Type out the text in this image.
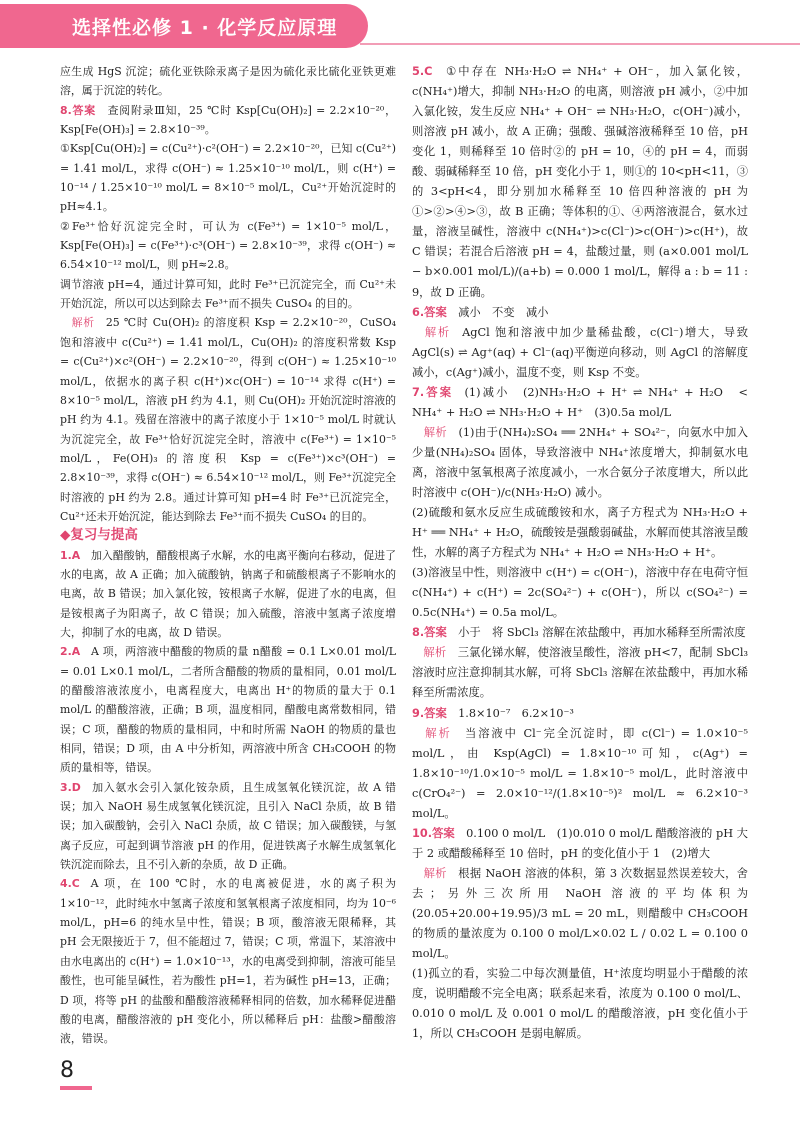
选择性必修 1 · 化学反应原理

应生成 HgS 沉淀；硫化亚铁除汞离子是因为硫化汞比硫化亚铁更难溶，属于沉淀的转化。

8.答案  查阅附录Ⅲ知，25 ℃时 Ksp[Cu(OH)₂] = 2.2×10⁻²⁰，Ksp[Fe(OH)₃] = 2.8×10⁻³⁹。

①Ksp[Cu(OH)₂] = c(Cu²⁺)·c²(OH⁻) = 2.2×10⁻²⁰，已知 c(Cu²⁺) = 1.41 mol/L，求得 c(OH⁻) ≈ 1.25×10⁻¹⁰ mol/L，则 c(H⁺) = 10⁻¹⁴ / 1.25×10⁻¹⁰ mol/L = 8×10⁻⁵ mol/L，Cu²⁺开始沉淀时的 pH≈4.1。

②Fe³⁺恰好沉淀完全时，可认为 c(Fe³⁺) = 1×10⁻⁵ mol/L，Ksp[Fe(OH)₃] = c(Fe³⁺)·c³(OH⁻) = 2.8×10⁻³⁹，求得 c(OH⁻) ≈ 6.54×10⁻¹² mol/L，则 pH≈2.8。

调节溶液 pH=4，通过计算可知，此时 Fe³⁺已沉淀完全，而 Cu²⁺未开始沉淀，所以可以达到除去 Fe³⁺而不损失 CuSO₄ 的目的。

 解析  25 ℃时 Cu(OH)₂ 的溶度积 Ksp = 2.2×10⁻²⁰，CuSO₄ 饱和溶液中 c(Cu²⁺) = 1.41 mol/L，Cu(OH)₂ 的溶度积常数 Ksp = c(Cu²⁺)×c²(OH⁻) = 2.2×10⁻²⁰，得到 c(OH⁻) ≈ 1.25×10⁻¹⁰ mol/L，依据水的离子积 c(H⁺)×c(OH⁻) = 10⁻¹⁴ 求得 c(H⁺) = 8×10⁻⁵ mol/L，溶液 pH 约为 4.1，则 Cu(OH)₂ 开始沉淀时溶液的 pH 约为 4.1。残留在溶液中的离子浓度小于 1×10⁻⁵ mol/L 时就认为沉淀完全，故 Fe³⁺恰好沉淀完全时，溶液中 c(Fe³⁺) = 1×10⁻⁵ mol/L，Fe(OH)₃ 的溶度积 Ksp = c(Fe³⁺)×c³(OH⁻) = 2.8×10⁻³⁹，求得 c(OH⁻) ≈ 6.54×10⁻¹² mol/L，则 Fe³⁺沉淀完全时溶液的 pH 约为 2.8。通过计算可知 pH=4 时 Fe³⁺已沉淀完全，Cu²⁺还未开始沉淀，能达到除去 Fe³⁺而不损失 CuSO₄ 的目的。

◆复习与提高

1.A  加入醋酸钠，醋酸根离子水解，水的电离平衡向右移动，促进了水的电离，故 A 正确；加入硫酸钠，钠离子和硫酸根离子不影响水的电离，故 B 错误；加入氯化铵，铵根离子水解，促进了水的电离，但是铵根离子为阳离子，故 C 错误；加入硫酸，溶液中氢离子浓度增大，抑制了水的电离，故 D 错误。

2.A  A 项，两溶液中醋酸的物质的量 n醋酸 = 0.1 L×0.01 mol/L = 0.01 L×0.1 mol/L，二者所含醋酸的物质的量相同，0.01 mol/L 的醋酸溶液浓度小，电离程度大，电离出 H⁺的物质的量大于 0.1 mol/L 的醋酸溶液，正确；B 项，温度相同，醋酸电离常数相同，错误；C 项，醋酸的物质的量相同，中和时所需 NaOH 的物质的量也相同，错误；D 项，由 A 中分析知，两溶液中所含 CH₃COOH 的物质的量相等，错误。

3.D  加入氨水会引入氯化铵杂质，且生成氢氧化镁沉淀，故 A 错误；加入 NaOH 易生成氢氧化镁沉淀，且引入 NaCl 杂质，故 B 错误；加入碳酸钠，会引入 NaCl 杂质，故 C 错误；加入碳酸镁，与氢离子反应，可起到调节溶液 pH 的作用，促进铁离子水解生成氢氧化铁沉淀而除去，且不引入新的杂质，故 D 正确。

4.C  A 项，在 100 ℃时，水的电离被促进，水的离子积为 1×10⁻¹²，此时纯水中氢离子浓度和氢氧根离子浓度相同，均为 10⁻⁶ mol/L，pH=6 的纯水呈中性，错误；B 项，酸溶液无限稀释，其 pH 会无限接近于 7，但不能超过 7，错误；C 项，常温下，某溶液中由水电离出的 c(H⁺) = 1.0×10⁻¹³，水的电离受到抑制，溶液可能呈酸性，也可能呈碱性，若为酸性 pH=1，若为碱性 pH=13，正确；D 项，将等 pH 的盐酸和醋酸溶液稀释相同的倍数，加水稀释促进醋酸的电离，醋酸溶液的 pH 变化小，所以稀释后 pH：盐酸>醋酸溶液，错误。

5.C  ①中存在 NH₃·H₂O ⇌ NH₄⁺ + OH⁻，加入氯化铵，c(NH₄⁺)增大，抑制 NH₃·H₂O 的电离，则溶液 pH 减小，②中加入氯化铵，发生反应 NH₄⁺ + OH⁻ ⇌ NH₃·H₂O，c(OH⁻)减小，则溶液 pH 减小，故 A 正确；强酸、强碱溶液稀释至 10 倍，pH 变化 1，则稀释至 10 倍时②的 pH = 10，④的 pH = 4，而弱酸、弱碱稀释至 10 倍，pH 变化小于 1，则①的 10<pH<11，③的 3<pH<4，即分别加水稀释至 10 倍四种溶液的 pH 为①>②>④>③，故 B 正确；等体积的①、④两溶液混合，氨水过量，溶液呈碱性，溶液中 c(NH₄⁺)>c(Cl⁻)>c(OH⁻)>c(H⁺)，故 C 错误；若混合后溶液 pH = 4，盐酸过量，则 (a×0.001 mol/L − b×0.001 mol/L)/(a+b) = 0.000 1 mol/L，解得 a : b = 11 : 9，故 D 正确。

6.答案  减小　不变　减小

 解析  AgCl 饱和溶液中加少量稀盐酸，c(Cl⁻)增大，导致 AgCl(s) ⇌ Ag⁺(aq) + Cl⁻(aq)平衡逆向移动，则 AgCl 的溶解度减小，c(Ag⁺)减小，温度不变，则 Ksp 不变。

7.答案  (1)减小　(2)NH₃·H₂O + H⁺ ⇌ NH₄⁺ + H₂O　<　NH₄⁺ + H₂O ⇌ NH₃·H₂O + H⁺　(3)0.5a mol/L

 解析  (1)由于(NH₄)₂SO₄ ══ 2NH₄⁺ + SO₄²⁻，向氨水中加入少量(NH₄)₂SO₄ 固体，导致溶液中 NH₄⁺浓度增大，抑制氨水电离，溶液中氢氧根离子浓度减小，一水合氨分子浓度增大，所以此时溶液中 c(OH⁻)/c(NH₃·H₂O) 减小。

(2)硫酸和氨水反应生成硫酸铵和水，离子方程式为 NH₃·H₂O + H⁺ ══ NH₄⁺ + H₂O，硫酸铵是强酸弱碱盐，水解而使其溶液呈酸性，水解的离子方程式为 NH₄⁺ + H₂O ⇌ NH₃·H₂O + H⁺。

(3)溶液呈中性，则溶液中 c(H⁺) = c(OH⁻)，溶液中存在电荷守恒 c(NH₄⁺) + c(H⁺) = 2c(SO₄²⁻) + c(OH⁻)，所以 c(SO₄²⁻) = 0.5c(NH₄⁺) = 0.5a mol/L。

8.答案  小于　将 SbCl₃ 溶解在浓盐酸中，再加水稀释至所需浓度

 解析  三氯化锑水解，使溶液呈酸性，溶液 pH<7，配制 SbCl₃ 溶液时应注意抑制其水解，可将 SbCl₃ 溶解在浓盐酸中，再加水稀释至所需浓度。

9.答案  1.8×10⁻⁷　6.2×10⁻³

 解析  当溶液中 Cl⁻完全沉淀时，即 c(Cl⁻) = 1.0×10⁻⁵ mol/L，由 Ksp(AgCl) = 1.8×10⁻¹⁰可知，c(Ag⁺) = 1.8×10⁻¹⁰/1.0×10⁻⁵ mol/L = 1.8×10⁻⁵ mol/L，此时溶液中 c(CrO₄²⁻) = 2.0×10⁻¹²/(1.8×10⁻⁵)² mol/L ≈ 6.2×10⁻³ mol/L。

10.答案  0.100 0 mol/L　(1)0.010 0 mol/L 醋酸溶液的 pH 大于 2 或醋酸稀释至 10 倍时，pH 的变化值小于 1　(2)增大

 解析  根据 NaOH 溶液的体积，第 3 次数据显然误差较大，舍去；另外三次所用 NaOH 溶液的平均体积为 (20.05+20.00+19.95)/3 mL = 20 mL，则醋酸中 CH₃COOH 的物质的量浓度为 0.100 0 mol/L×0.02 L / 0.02 L = 0.100 0 mol/L。

(1)孤立的看，实验二中每次测量值，H⁺浓度均明显小于醋酸的浓度，说明醋酸不完全电离；联系起来看，浓度为 0.100 0 mol/L、0.010 0 mol/L 及 0.001 0 mol/L 的醋酸溶液，pH 变化值小于 1，所以 CH₃COOH 是弱电解质。

8
